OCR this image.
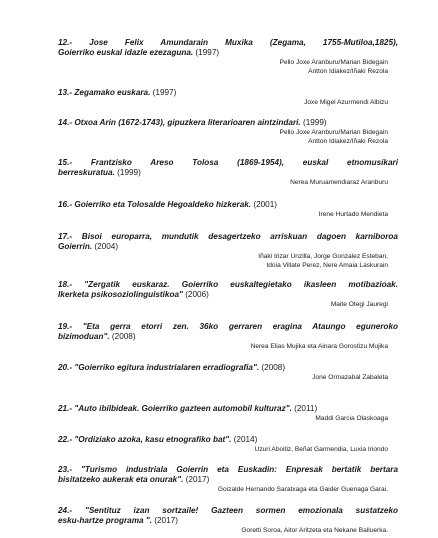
12.- Jose Felix Amundarain Muxika (Zegama, 1755-Mutiloa,1825),
Goierriko euskal idazle ezezaguna. (1997)
Pello Joxe Aranburu/Marian Bidegain
Antton Idiakez/Iñaki Rezola
13.- Zegamako euskara. (1997)
Joxe Migel Azurmendi Albizu
14.- Otxoa Arin (1672-1743), gipuzkera literarioaren aintzindari. (1999)
Pello Joxe Aranburu/Marian Bidegain
Antton Idiakez/Iñaki Rezola
15.- Frantzisko Areso Tolosa (1869-1954), euskal etnomusikari
berreskuratua. (1999)
Nerea Muruamendiaraz Aranburu
16.- Goierriko eta Tolosalde Hegoaldeko hizkerak. (2001)
Irene Hurtado Mendieta
17.- Bisoi europarra, mundutik desagertzeko arriskuan dagoen karniboroa
Goierrin. (2004)
Iñaki Irizar Unzilla, Jorge Gonzalez Esteban,
Idoia Villate Perez, Nere Amaia Laskurain
18.- "Zergatik euskaraz. Goierriko euskaltegietako ikasleen motibazioak.
Ikerketa psikosoziolinguistikoa" (2006)
Maite Otegi Jauregi
19.- "Eta gerra etorri zen. 36ko gerraren eragina Ataungo eguneroko
bizimoduan". (2008)
Nerea Elias Mujika eta Ainara Gorostizu Mujika
20.- "Goierriko egitura industrialaren erradiografia". (2008)
Jone Ormazabal Zabaleta
21.- "Auto ibilbideak. Goierriko gazteen automobil kulturaz". (2011)
Maddi Garcia Olaskoaga
22.- "Ordiziako azoka, kasu etnografiko bat". (2014)
Uzuri Aboitiz, Beñat Garmendia, Luxia Iriondo
23.- "Turismo industriala Goierrin eta Euskadin: Enpresak bertatik bertara
bisitatzeko aukerak eta onurak". (2017)
Goizalde Hernando Saratxaga eta Gaider Guenaga Garai.
24.- "Sentituz izan sortzaile! Gazteen sormen emozionala sustatzeko
esku-hartze programa ". (2017)
Goretti Soroa, Aitor Aritzeta eta Nekane Balluerka.
